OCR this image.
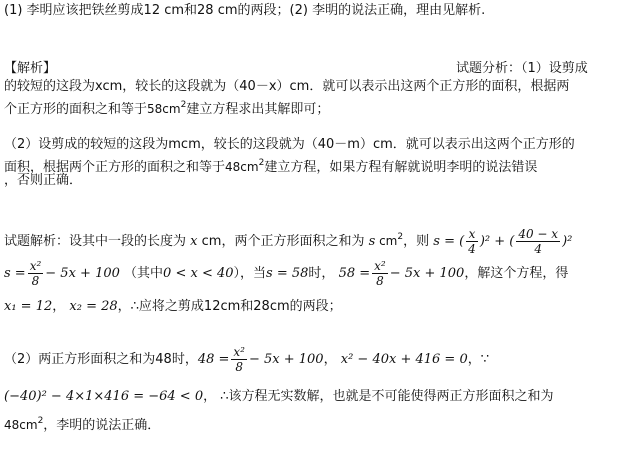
(1) 李明应该把铁丝剪成12 cm和28 cm的两段；(2) 李明的说法正确，理由见解析.
【解析】	试题分析：（1）设剪成
的较短的这段为xcm，较长的这段就为（40－x）cm．就可以表示出这两个正方形的面积，根据两
个正方形的面积之和等于$58cm^2$建立方程求出其解即可；
（2）设剪成的较短的这段为mcm，较长的这段就为（40－m）cm．就可以表示出这两个正方形的
面积，根据两个正方形的面积之和等于$48cm^2$建立方程，如果方程有解就说明李明的说法错误
，否则正确．
试题解析：设其中一段的长度为 x cm，两个正方形面积之和为 s $cm^2$，则 s = ( $\frac{x}{4} )^2$ + ( $\frac{40 - x}{4} )^2$
$s = \frac{\text{x²}}{8} - 5x + 100$ （其中0 < x < 40），当s = 58时， $58 = \frac{\text{x²}}{8} - 5x + 100$，解这个方程，得
x₁ = 12， x₂ = 28，∴应将之剪成12cm和28cm的两段；
（2）两正方形面积之和为48时，$48 = \frac{\text{x²}}{8} - 5x + 100$， x² − 40x + 416 = 0，∵
(−40)² − 4×1×416 = −64 < 0， ∴该方程无实数解，也就是不可能使得两正方形面积之和为
$48cm^2$，李明的说法正确．
